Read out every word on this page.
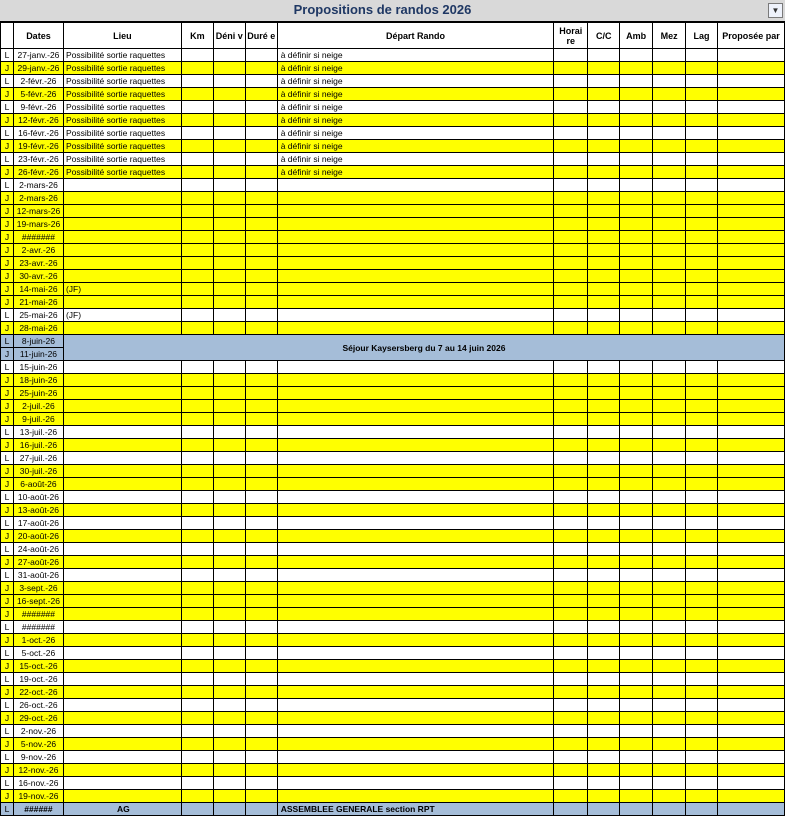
Propositions de randos 2026	▼
	Dates	Lieu	Km	Déni v	Duré e	Départ Rando	Horai re	C/C	Amb	Mez	Lag	Proposée par
L	27-janv.-26	Possibilité sortie raquettes				à définir si neige						
J	29-janv.-26	Possibilité sortie raquettes				à définir si neige						
L	2-févr.-26	Possibilité sortie raquettes				à définir si neige						
J	5-févr.-26	Possibilité sortie raquettes				à définir si neige						
L	9-févr.-26	Possibilité sortie raquettes				à définir si neige						
J	12-févr.-26	Possibilité sortie raquettes				à définir si neige						
L	16-févr.-26	Possibilité sortie raquettes				à définir si neige						
J	19-févr.-26	Possibilité sortie raquettes				à définir si neige						
L	23-févr.-26	Possibilité sortie raquettes				à définir si neige						
J	26-févr.-26	Possibilité sortie raquettes				à définir si neige						
L	2-mars-26											
J	2-mars-26											
J	12-mars-26											
J	19-mars-26											
J	#######											
J	2-avr.-26											
J	23-avr.-26											
J	30-avr.-26											
J	14-mai-26	(JF)										
J	21-mai-26											
L	25-mai-26	(JF)										
J	28-mai-26											
L	8-juin-26	Séjour Kaysersberg du 7 au 14 juin 2026										
J	11-juin-26											
L	15-juin-26											
J	18-juin-26											
J	25-juin-26											
J	2-juil.-26											
J	9-juil.-26											
L	13-juil.-26											
J	16-juil.-26											
L	27-juil.-26											
J	30-juil.-26											
J	6-août-26											
L	10-août-26											
J	13-août-26											
L	17-août-26											
J	20-août-26											
L	24-août-26											
J	27-août-26											
L	31-août-26											
J	3-sept.-26											
J	16-sept.-26											
J	#######											
L	#######											
J	1-oct.-26											
L	5-oct.-26											
J	15-oct.-26											
L	19-oct.-26											
J	22-oct.-26											
L	26-oct.-26											
J	29-oct.-26											
L	2-nov.-26											
J	5-nov.-26											
L	9-nov.-26											
J	12-nov.-26											
L	16-nov.-26											
J	19-nov.-26											
L	######	AG				ASSEMBLEE GENERALE section RPT						
